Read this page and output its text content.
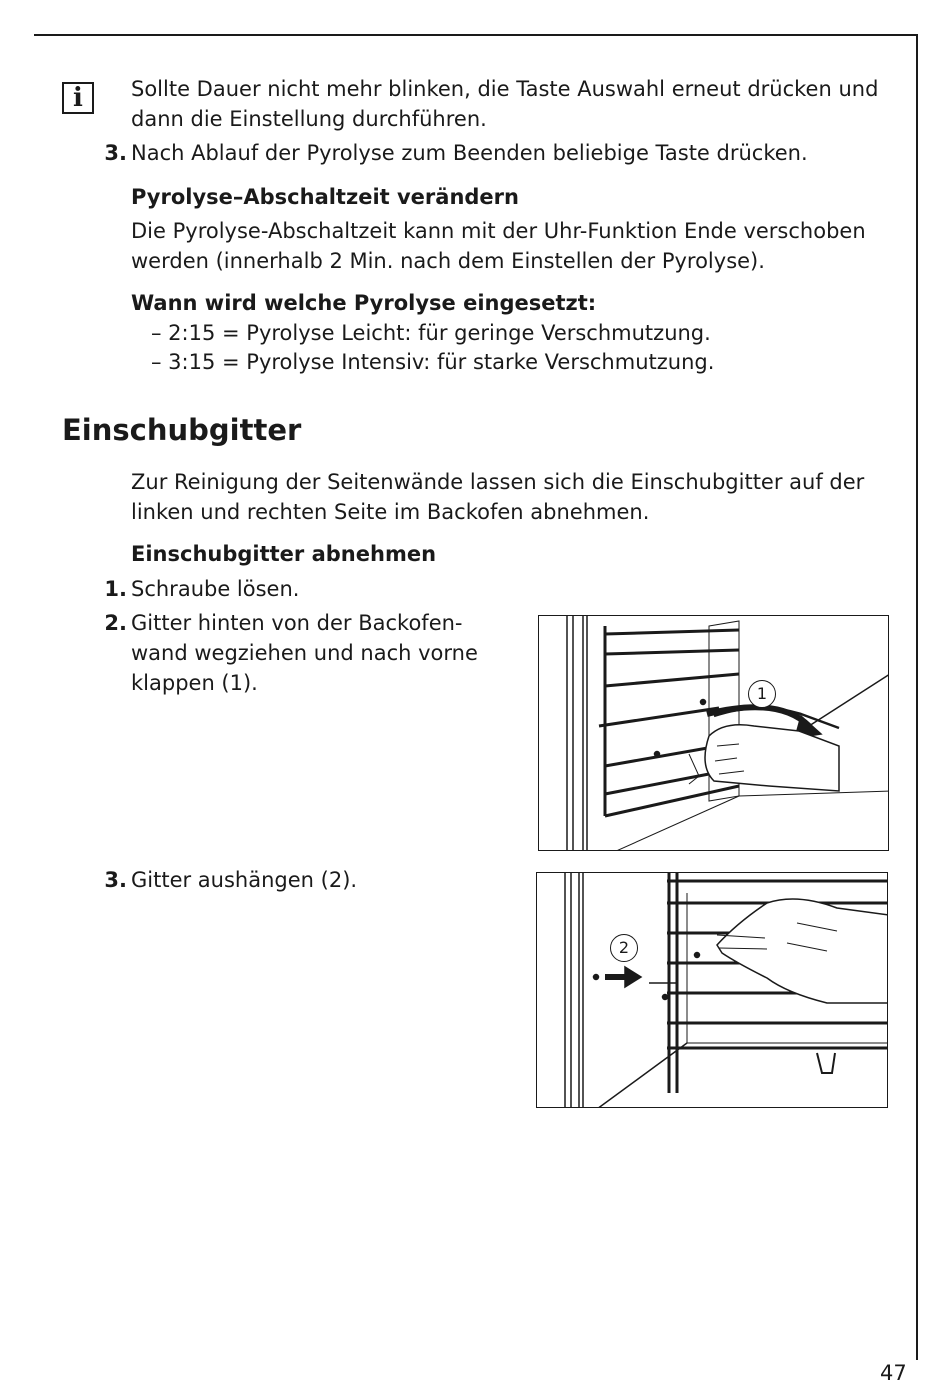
i	Sollte Dauer nicht mehr blinken, die Taste Auswahl erneut drücken und
dann die Einstellung durchführen.
3. Nach Ablauf der Pyrolyse zum Beenden beliebige Taste drücken.
Pyrolyse–Abschaltzeit verändern
Die Pyrolyse-Abschaltzeit kann mit der Uhr-Funktion Ende verschoben
werden (innerhalb 2 Min. nach dem Einstellen der Pyrolyse).
Wann wird welche Pyrolyse eingesetzt:
– 2:15 = Pyrolyse Leicht: für geringe Verschmutzung.
– 3:15 = Pyrolyse Intensiv: für starke Verschmutzung.
Einschubgitter
Zur Reinigung der Seitenwände lassen sich die Einschubgitter auf der
linken und rechten Seite im Backofen abnehmen.
Einschubgitter abnehmen
1. Schraube lösen.
2. Gitter hinten von der Backofen-
wand wegziehen und nach vorne
klappen (1).
3. Gitter aushängen (2).
1
2
47
